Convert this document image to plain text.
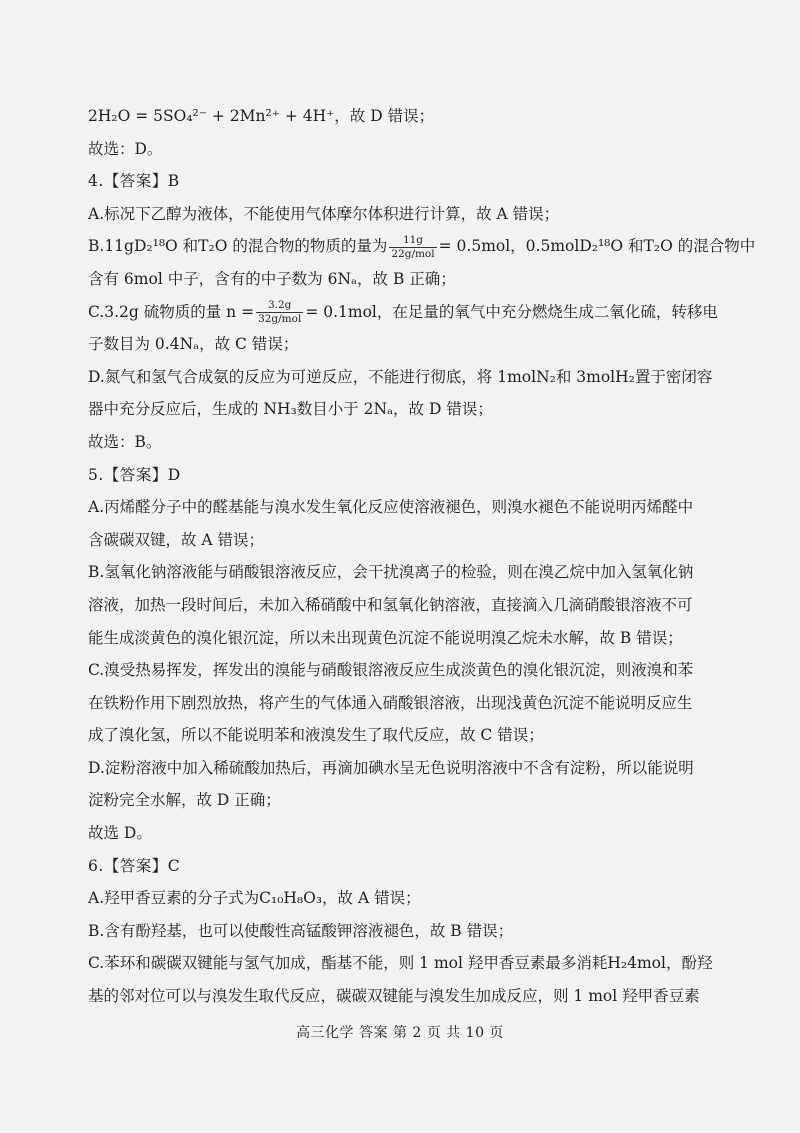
2H₂O = 5SO₄²⁻ + 2Mn²⁺ + 4H⁺，故 D 错误；
故选：D。
4.【答案】B
A.标况下乙醇为液体，不能使用气体摩尔体积进行计算，故 A 错误；
B.11gD₂¹⁸O 和T₂O 的混合物的物质的量为 $\frac{11g}{\text{22g/mol}} = 0.5mol$，0.5molD₂¹⁸O 和T₂O 的混合物中
含有 6mol 中子，含有的中子数为 6Nₐ，故 B 正确；
C.3.2g 硫物质的量 $n = \frac{3.2g}{\text{32g/mol}} = 0.1mol$，在足量的氧气中充分燃烧生成二氧化硫，转移电
子数目为 0.4Nₐ，故 C 错误；
D.氮气和氢气合成氨的反应为可逆反应，不能进行彻底，将 1molN₂和 3molH₂置于密闭容
器中充分反应后，生成的 NH₃数目小于 2Nₐ，故 D 错误；
故选：B。
5.【答案】D
A.丙烯醛分子中的醛基能与溴水发生氧化反应使溶液褪色，则溴水褪色不能说明丙烯醛中
含碳碳双键，故 A 错误；
B.氢氧化钠溶液能与硝酸银溶液反应，会干扰溴离子的检验，则在溴乙烷中加入氢氧化钠
溶液，加热一段时间后，未加入稀硝酸中和氢氧化钠溶液，直接滴入几滴硝酸银溶液不可
能生成淡黄色的溴化银沉淀，所以未出现黄色沉淀不能说明溴乙烷未水解，故 B 错误；
C.溴受热易挥发，挥发出的溴能与硝酸银溶液反应生成淡黄色的溴化银沉淀，则液溴和苯
在铁粉作用下剧烈放热，将产生的气体通入硝酸银溶液，出现浅黄色沉淀不能说明反应生
成了溴化氢，所以不能说明苯和液溴发生了取代反应，故 C 错误；
D.淀粉溶液中加入稀硫酸加热后，再滴加碘水呈无色说明溶液中不含有淀粉，所以能说明
淀粉完全水解，故 D 正确；
故选 D。
6.【答案】C
A.羟甲香豆素的分子式为C₁₀H₈O₃，故 A 错误；
B.含有酚羟基，也可以使酸性高锰酸钾溶液褪色，故 B 错误；
C.苯环和碳碳双键能与氢气加成，酯基不能，则 1 mol 羟甲香豆素最多消耗H₂4mol，酚羟
基的邻对位可以与溴发生取代反应，碳碳双键能与溴发生加成反应，则 1 mol 羟甲香豆素
高三化学 答案 第 2 页 共 10 页
